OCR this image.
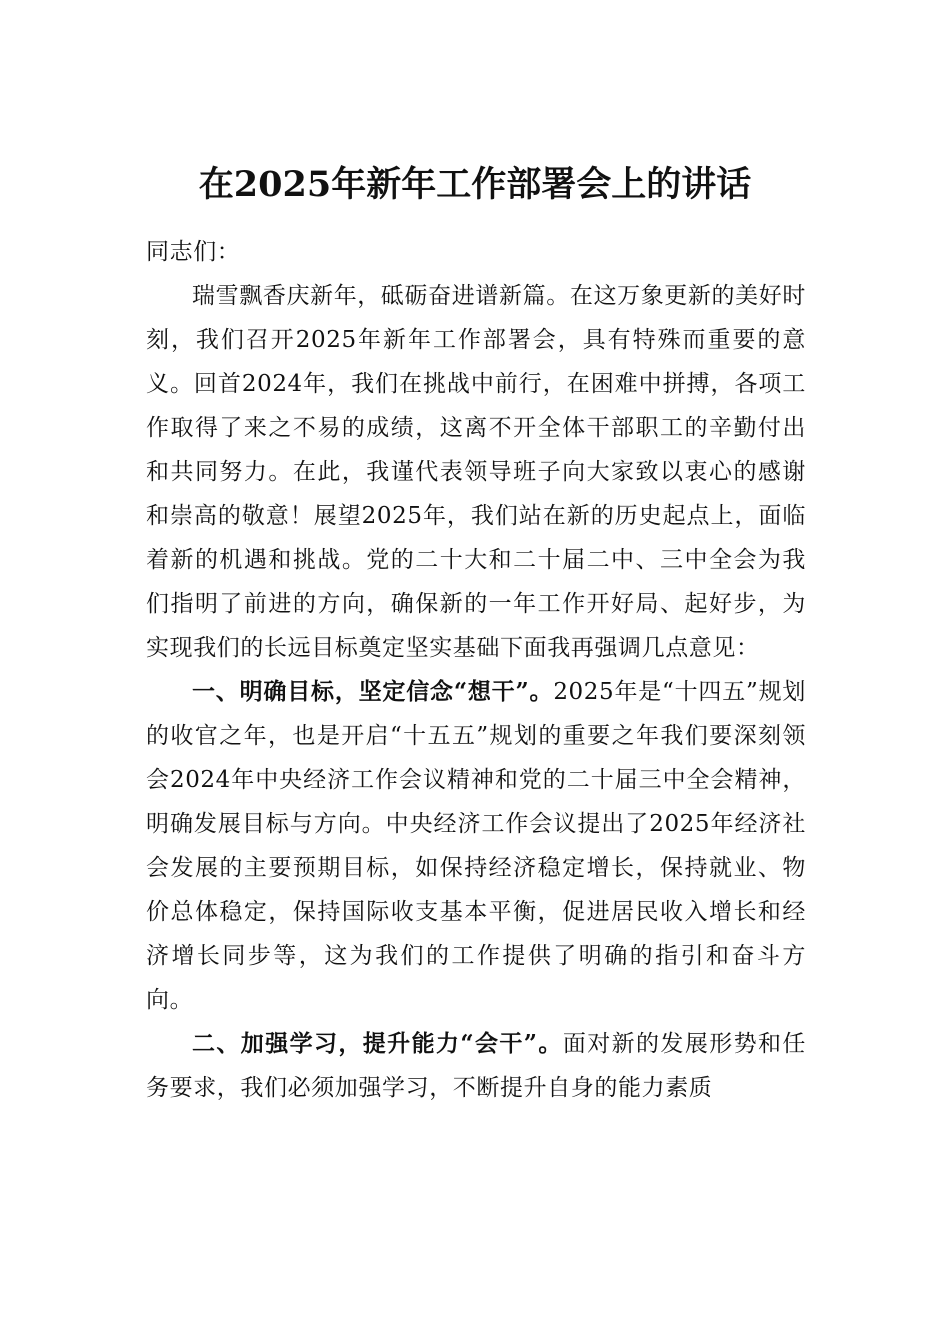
在2025年新年工作部署会上的讲话

同志们：

瑞雪飘香庆新年，砥砺奋进谱新篇。在这万象更新的美好时刻，我们召开2025年新年工作部署会，具有特殊而重要的意义。回首2024年，我们在挑战中前行，在困难中拼搏，各项工作取得了来之不易的成绩，这离不开全体干部职工的辛勤付出和共同努力。在此，我谨代表领导班子向大家致以衷心的感谢和崇高的敬意！展望2025年，我们站在新的历史起点上，面临着新的机遇和挑战。党的二十大和二十届二中、三中全会为我们指明了前进的方向，确保新的一年工作开好局、起好步，为实现我们的长远目标奠定坚实基础下面我再强调几点意见：

一、明确目标，坚定信念“想干”。2025年是“十四五”规划的收官之年，也是开启“十五五”规划的重要之年我们要深刻领会2024年中央经济工作会议精神和党的二十届三中全会精神，明确发展目标与方向。中央经济工作会议提出了2025年经济社会发展的主要预期目标，如保持经济稳定增长，保持就业、物价总体稳定，保持国际收支基本平衡，促进居民收入增长和经济增长同步等，这为我们的工作提供了明确的指引和奋斗方向。

二、加强学习，提升能力“会干”。面对新的发展形势和任务要求，我们必须加强学习，不断提升自身的能力素质
